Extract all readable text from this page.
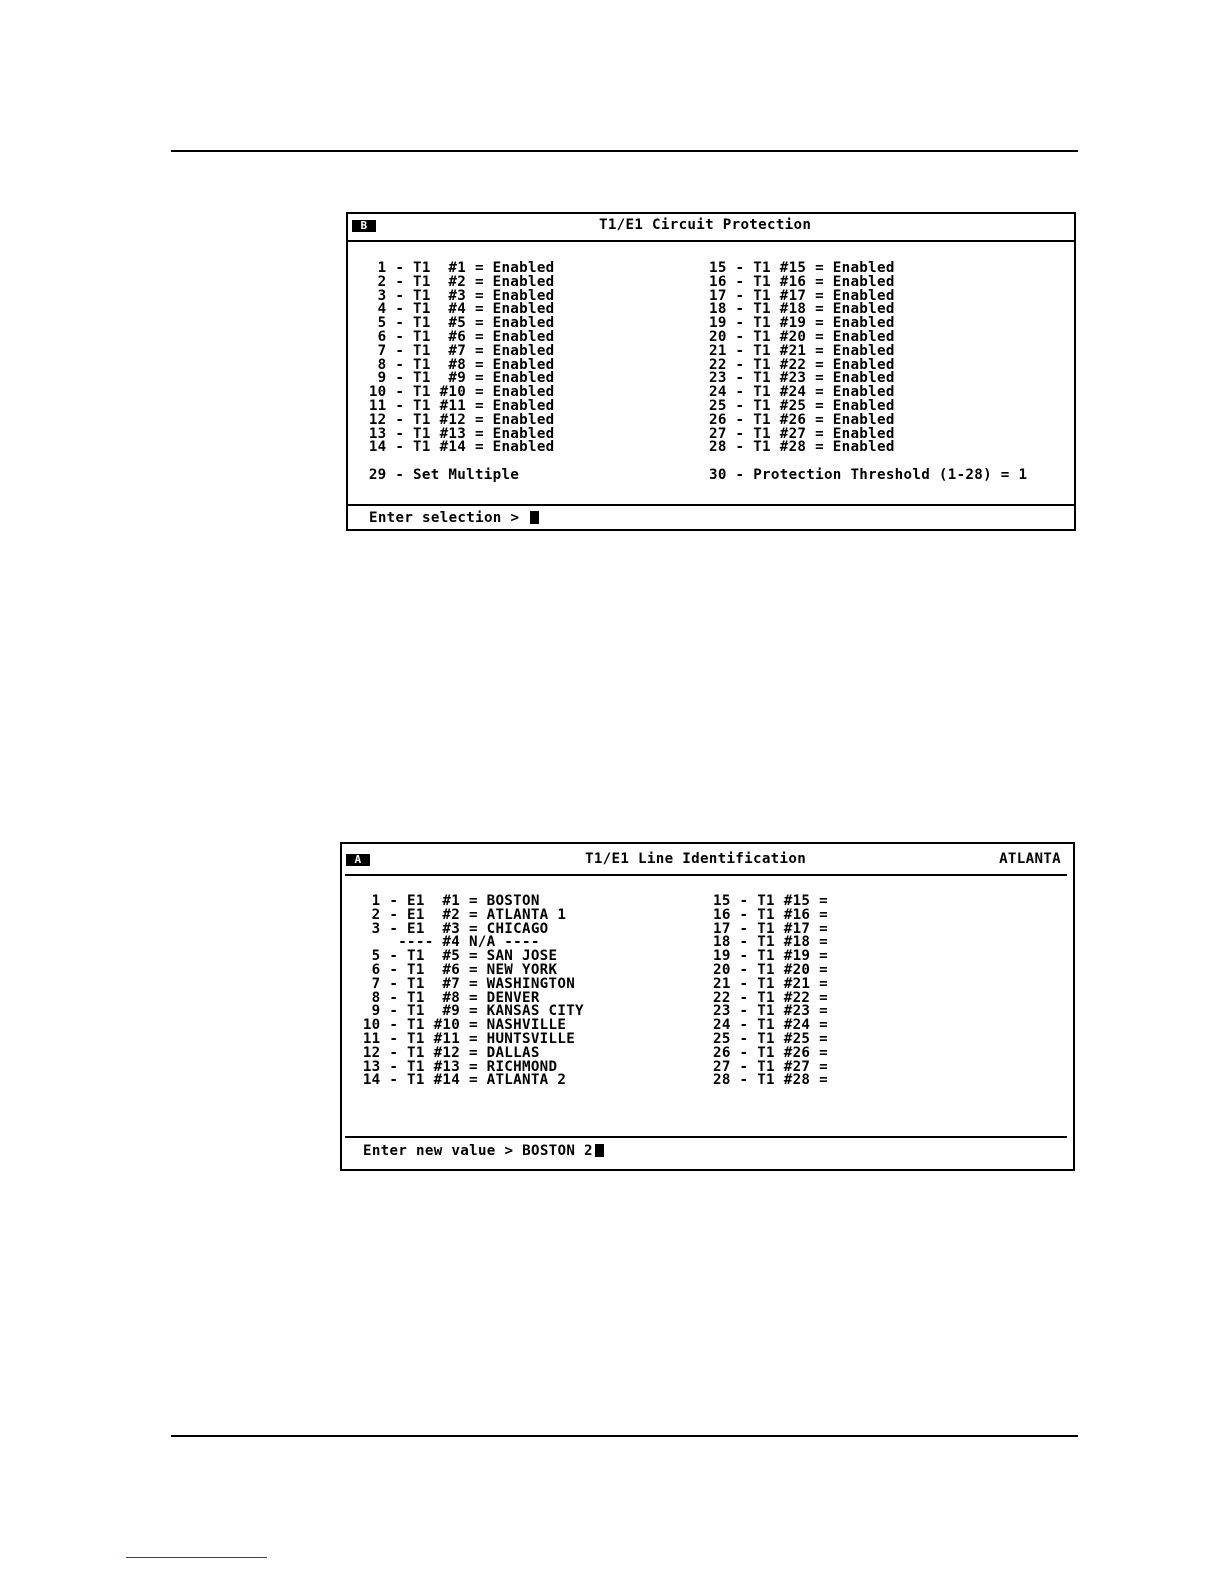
B	T1/E1 Circuit Protection
1 - T1  #1 = Enabled
2 - T1  #2 = Enabled
3 - T1  #3 = Enabled
4 - T1  #4 = Enabled
5 - T1  #5 = Enabled
6 - T1  #6 = Enabled
7 - T1  #7 = Enabled
8 - T1  #8 = Enabled
9 - T1  #9 = Enabled
10 - T1 #10 = Enabled
11 - T1 #11 = Enabled
12 - T1 #12 = Enabled
13 - T1 #13 = Enabled
14 - T1 #14 = Enabled
15 - T1 #15 = Enabled
16 - T1 #16 = Enabled
17 - T1 #17 = Enabled
18 - T1 #18 = Enabled
19 - T1 #19 = Enabled
20 - T1 #20 = Enabled
21 - T1 #21 = Enabled
22 - T1 #22 = Enabled
23 - T1 #23 = Enabled
24 - T1 #24 = Enabled
25 - T1 #25 = Enabled
26 - T1 #26 = Enabled
27 - T1 #27 = Enabled
28 - T1 #28 = Enabled
29 - Set Multiple	30 - Protection Threshold (1-28) = 1
Enter selection >
A	T1/E1 Line Identification	ATLANTA
1 - E1  #1 = BOSTON
2 - E1  #2 = ATLANTA 1
3 - E1  #3 = CHICAGO
---- #4 N/A ----
5 - T1  #5 = SAN JOSE
6 - T1  #6 = NEW YORK
7 - T1  #7 = WASHINGTON
8 - T1  #8 = DENVER
9 - T1  #9 = KANSAS CITY
10 - T1 #10 = NASHVILLE
11 - T1 #11 = HUNTSVILLE
12 - T1 #12 = DALLAS
13 - T1 #13 = RICHMOND
14 - T1 #14 = ATLANTA 2
15 - T1 #15 =
16 - T1 #16 =
17 - T1 #17 =
18 - T1 #18 =
19 - T1 #19 =
20 - T1 #20 =
21 - T1 #21 =
22 - T1 #22 =
23 - T1 #23 =
24 - T1 #24 =
25 - T1 #25 =
26 - T1 #26 =
27 - T1 #27 =
28 - T1 #28 =
Enter new value > BOSTON 2
